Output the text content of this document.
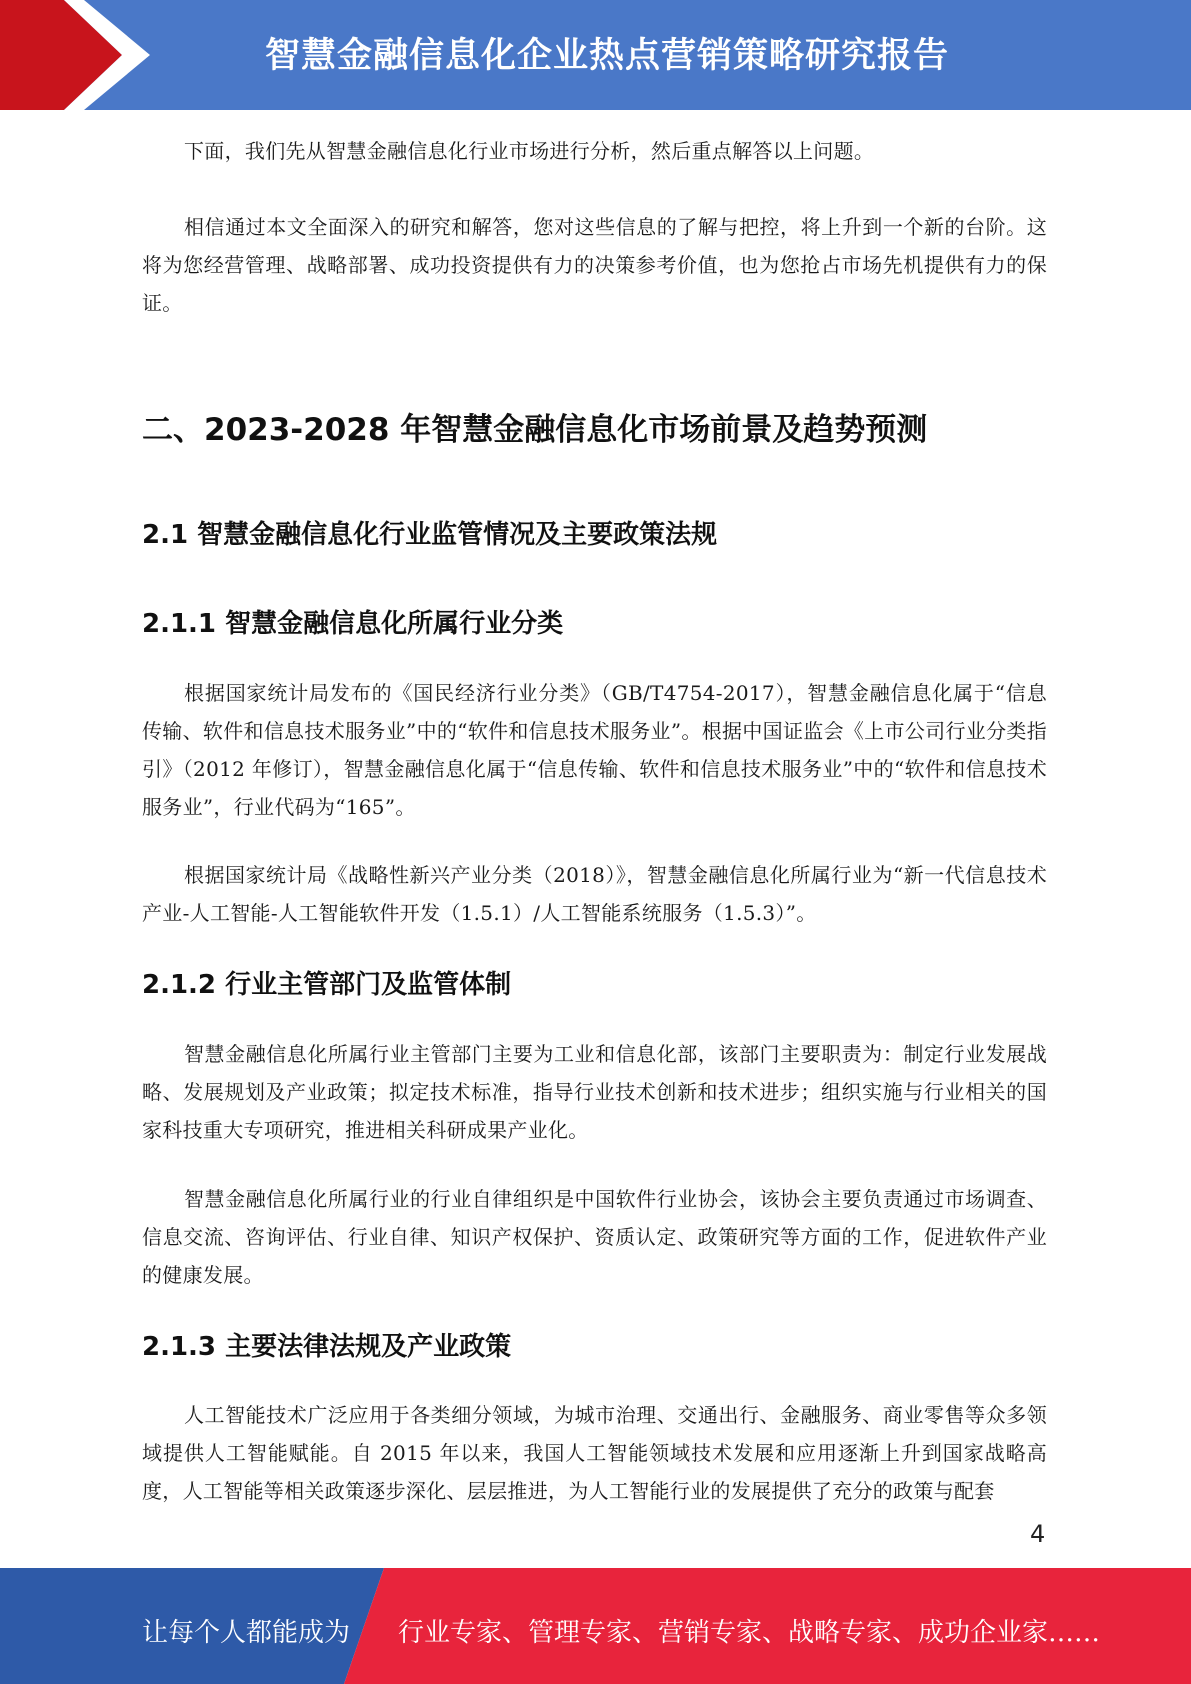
智慧金融信息化企业热点营销策略研究报告

下面，我们先从智慧金融信息化行业市场进行分析，然后重点解答以上问题。

相信通过本文全面深入的研究和解答，您对这些信息的了解与把控，将上升到一个新的台阶。这将为您经营管理、战略部署、成功投资提供有力的决策参考价值，也为您抢占市场先机提供有力的保证。

二、2023-2028 年智慧金融信息化市场前景及趋势预测
2.1 智慧金融信息化行业监管情况及主要政策法规
2.1.1 智慧金融信息化所属行业分类

根据国家统计局发布的《国民经济行业分类》（GB/T4754-2017），智慧金融信息化属于“信息传输、软件和信息技术服务业”中的“软件和信息技术服务业”。根据中国证监会《上市公司行业分类指引》（2012 年修订），智慧金融信息化属于“信息传输、软件和信息技术服务业”中的“软件和信息技术服务业”，行业代码为“165”。

根据国家统计局《战略性新兴产业分类（2018）》，智慧金融信息化所属行业为“新一代信息技术产业-人工智能-人工智能软件开发（1.5.1）/人工智能系统服务（1.5.3）”。

2.1.2 行业主管部门及监管体制

智慧金融信息化所属行业主管部门主要为工业和信息化部，该部门主要职责为：制定行业发展战略、发展规划及产业政策；拟定技术标准，指导行业技术创新和技术进步；组织实施与行业相关的国家科技重大专项研究，推进相关科研成果产业化。

智慧金融信息化所属行业的行业自律组织是中国软件行业协会，该协会主要负责通过市场调查、信息交流、咨询评估、行业自律、知识产权保护、资质认定、政策研究等方面的工作，促进软件产业的健康发展。

2.1.3 主要法律法规及产业政策

人工智能技术广泛应用于各类细分领域，为城市治理、交通出行、金融服务、商业零售等众多领域提供人工智能赋能。自 2015 年以来，我国人工智能领域技术发展和应用逐渐上升到国家战略高度，人工智能等相关政策逐步深化、层层推进，为人工智能行业的发展提供了充分的政策与配套

4
让每个人都能成为 行业专家、管理专家、营销专家、战略专家、成功企业家……
